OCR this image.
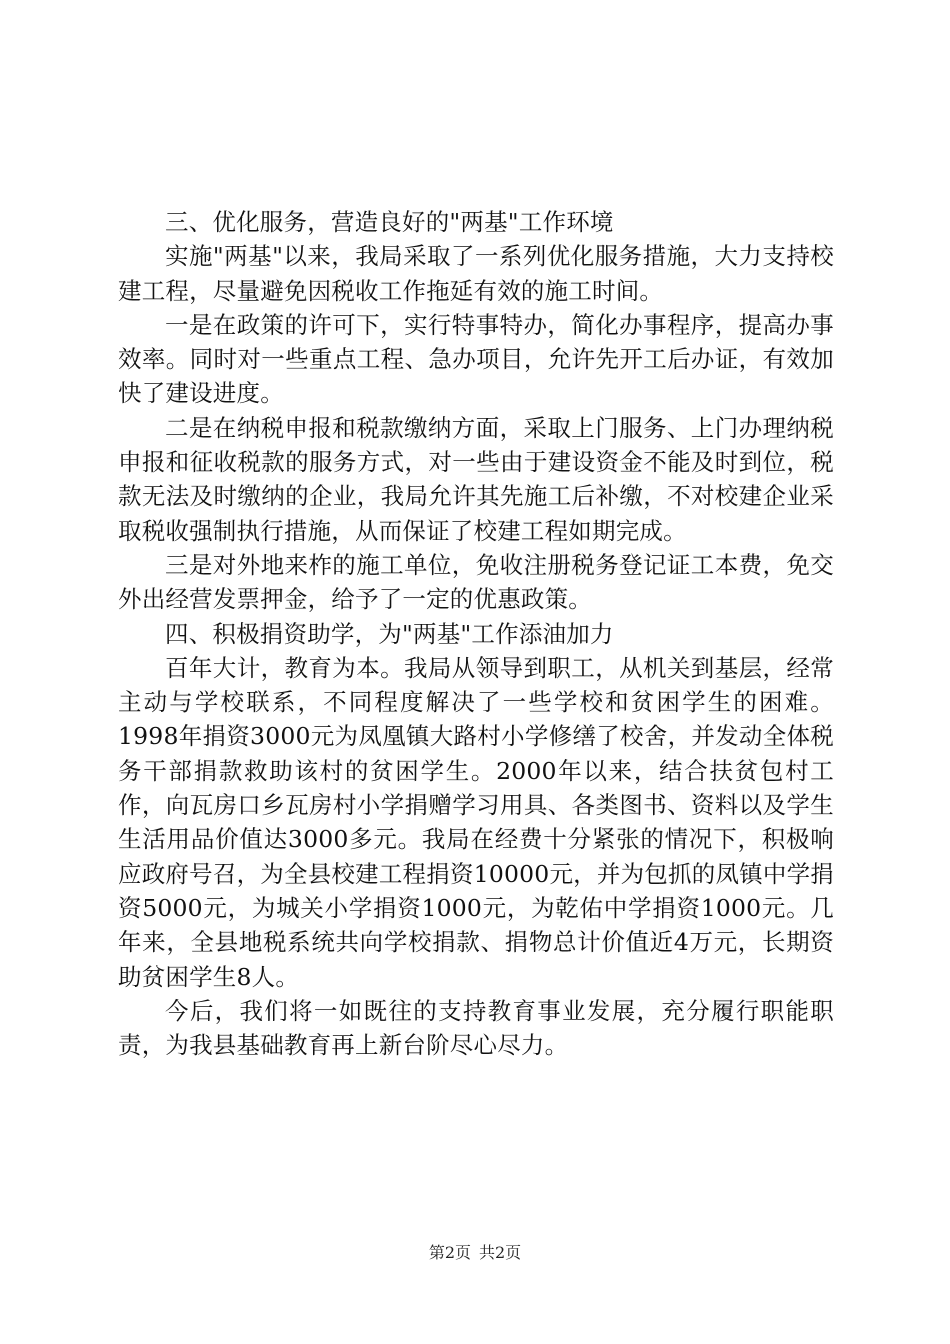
三、优化服务，营造良好的"两基"工作环境

实施"两基"以来，我局采取了一系列优化服务措施，大力支持校建工程，尽量避免因税收工作拖延有效的施工时间。

一是在政策的许可下，实行特事特办，简化办事程序，提高办事效率。同时对一些重点工程、急办项目，允许先开工后办证，有效加快了建设进度。

二是在纳税申报和税款缴纳方面，采取上门服务、上门办理纳税申报和征收税款的服务方式，对一些由于建设资金不能及时到位，税款无法及时缴纳的企业，我局允许其先施工后补缴，不对校建企业采取税收强制执行措施，从而保证了校建工程如期完成。

三是对外地来柞的施工单位，免收注册税务登记证工本费，免交外出经营发票押金，给予了一定的优惠政策。

四、积极捐资助学，为"两基"工作添油加力

百年大计，教育为本。我局从领导到职工，从机关到基层，经常主动与学校联系，不同程度解决了一些学校和贫困学生的困难。1998年捐资3000元为凤凰镇大路村小学修缮了校舍，并发动全体税务干部捐款救助该村的贫困学生。2000年以来，结合扶贫包村工作，向瓦房口乡瓦房村小学捐赠学习用具、各类图书、资料以及学生生活用品价值达3000多元。我局在经费十分紧张的情况下，积极响应政府号召，为全县校建工程捐资10000元，并为包抓的凤镇中学捐资5000元，为城关小学捐资1000元，为乾佑中学捐资1000元。几年来，全县地税系统共向学校捐款、捐物总计价值近4万元，长期资助贫困学生8人。

今后，我们将一如既往的支持教育事业发展，充分履行职能职责，为我县基础教育再上新台阶尽心尽力。

第2页 共2页
